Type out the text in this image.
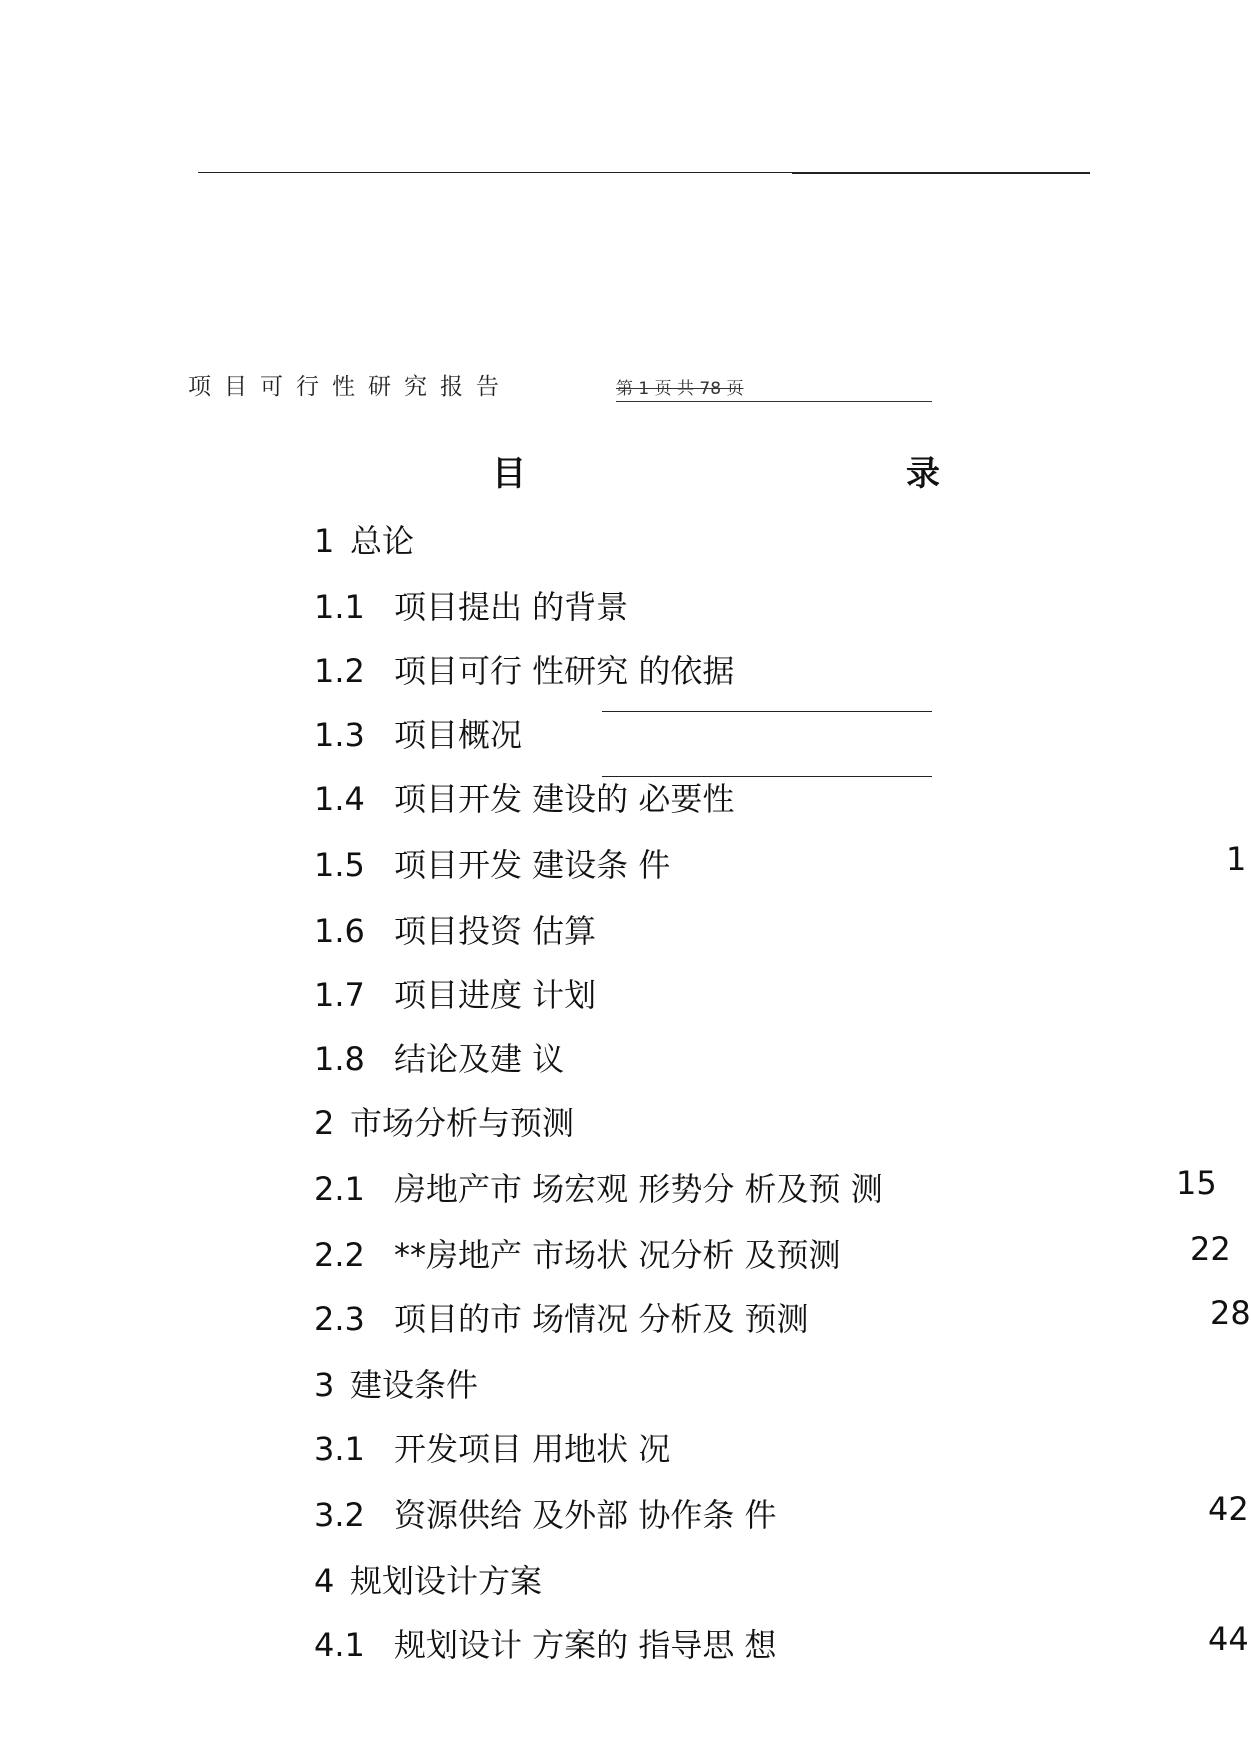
项目可行性研究报告	第 1 页 共 78 页
目	录
1 总论
1.1 项目提出 的背景
1.2 项目可行 性研究 的依据
1.3 项目概况
1.4 项目开发 建设的 必要性
1.5 项目开发 建设条 件	1
1.6 项目投资 估算
1.7 项目进度 计划
1.8 结论及建 议
2 市场分析与预测
2.1 房地产市 场宏观 形势分 析及预 测	15
2.2 **房地产 市场状 况分析 及预测	22
2.3 项目的市 场情况 分析及 预测	28
3 建设条件
3.1 开发项目 用地状 况
3.2 资源供给 及外部 协作条 件	42
4 规划设计方案
4.1 规划设计 方案的 指导思 想	44
